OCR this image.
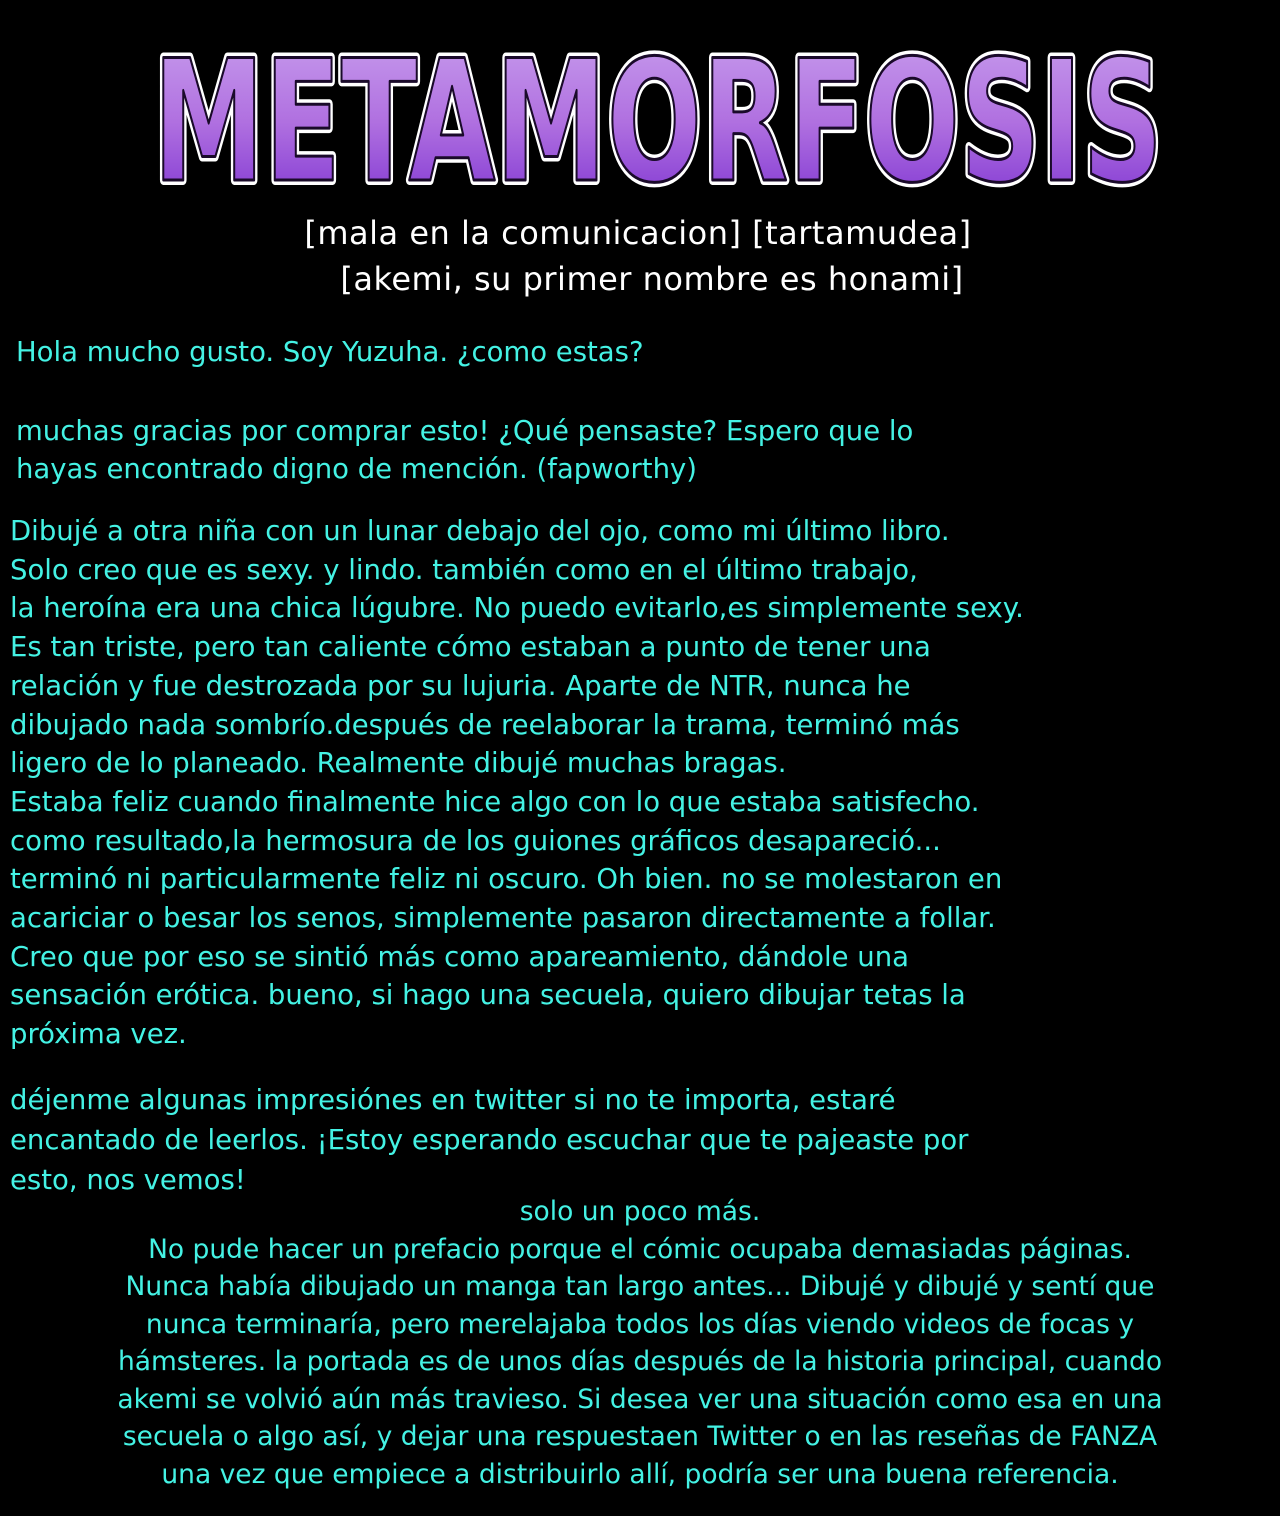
METAMORFOSIS
METAMORFOSIS
[mala en la comunicacion] [tartamudea]
[akemi, su primer nombre es honami]
Hola mucho gusto. Soy Yuzuha. ¿como estas?
muchas gracias por comprar esto! ¿Qué pensaste? Espero que lo
hayas encontrado digno de mención. (fapworthy)
Dibujé a otra niña con un lunar debajo del ojo, como mi último libro.
Solo creo que es sexy. y lindo. también como en el último trabajo,
la heroína era una chica lúgubre. No puedo evitarlo,es simplemente sexy.
Es tan triste, pero tan caliente cómo estaban a punto de tener una
relación y fue destrozada por su lujuria. Aparte de NTR, nunca he
dibujado nada sombrío.después de reelaborar la trama, terminó más
ligero de lo planeado. Realmente dibujé muchas bragas.
Estaba feliz cuando finalmente hice algo con lo que estaba satisfecho.
como resultado,la hermosura de los guiones gráficos desapareció...
terminó ni particularmente feliz ni oscuro. Oh bien. no se molestaron en
acariciar o besar los senos, simplemente pasaron directamente a follar.
Creo que por eso se sintió más como apareamiento, dándole una
sensación erótica. bueno, si hago una secuela, quiero dibujar tetas la
próxima vez.
déjenme algunas impresiónes en twitter si no te importa, estaré
encantado de leerlos. ¡Estoy esperando escuchar que te pajeaste por
esto, nos vemos!
solo un poco más.
No pude hacer un prefacio porque el cómic ocupaba demasiadas páginas.
Nunca había dibujado un manga tan largo antes... Dibujé y dibujé y sentí que
nunca terminaría, pero merelajaba todos los días viendo videos de focas y
hámsteres. la portada es de unos días después de la historia principal, cuando
akemi se volvió aún más travieso. Si desea ver una situación como esa en una
secuela o algo así, y dejar una respuestaen Twitter o en las reseñas de FANZA
una vez que empiece a distribuirlo allí, podría ser una buena referencia.
